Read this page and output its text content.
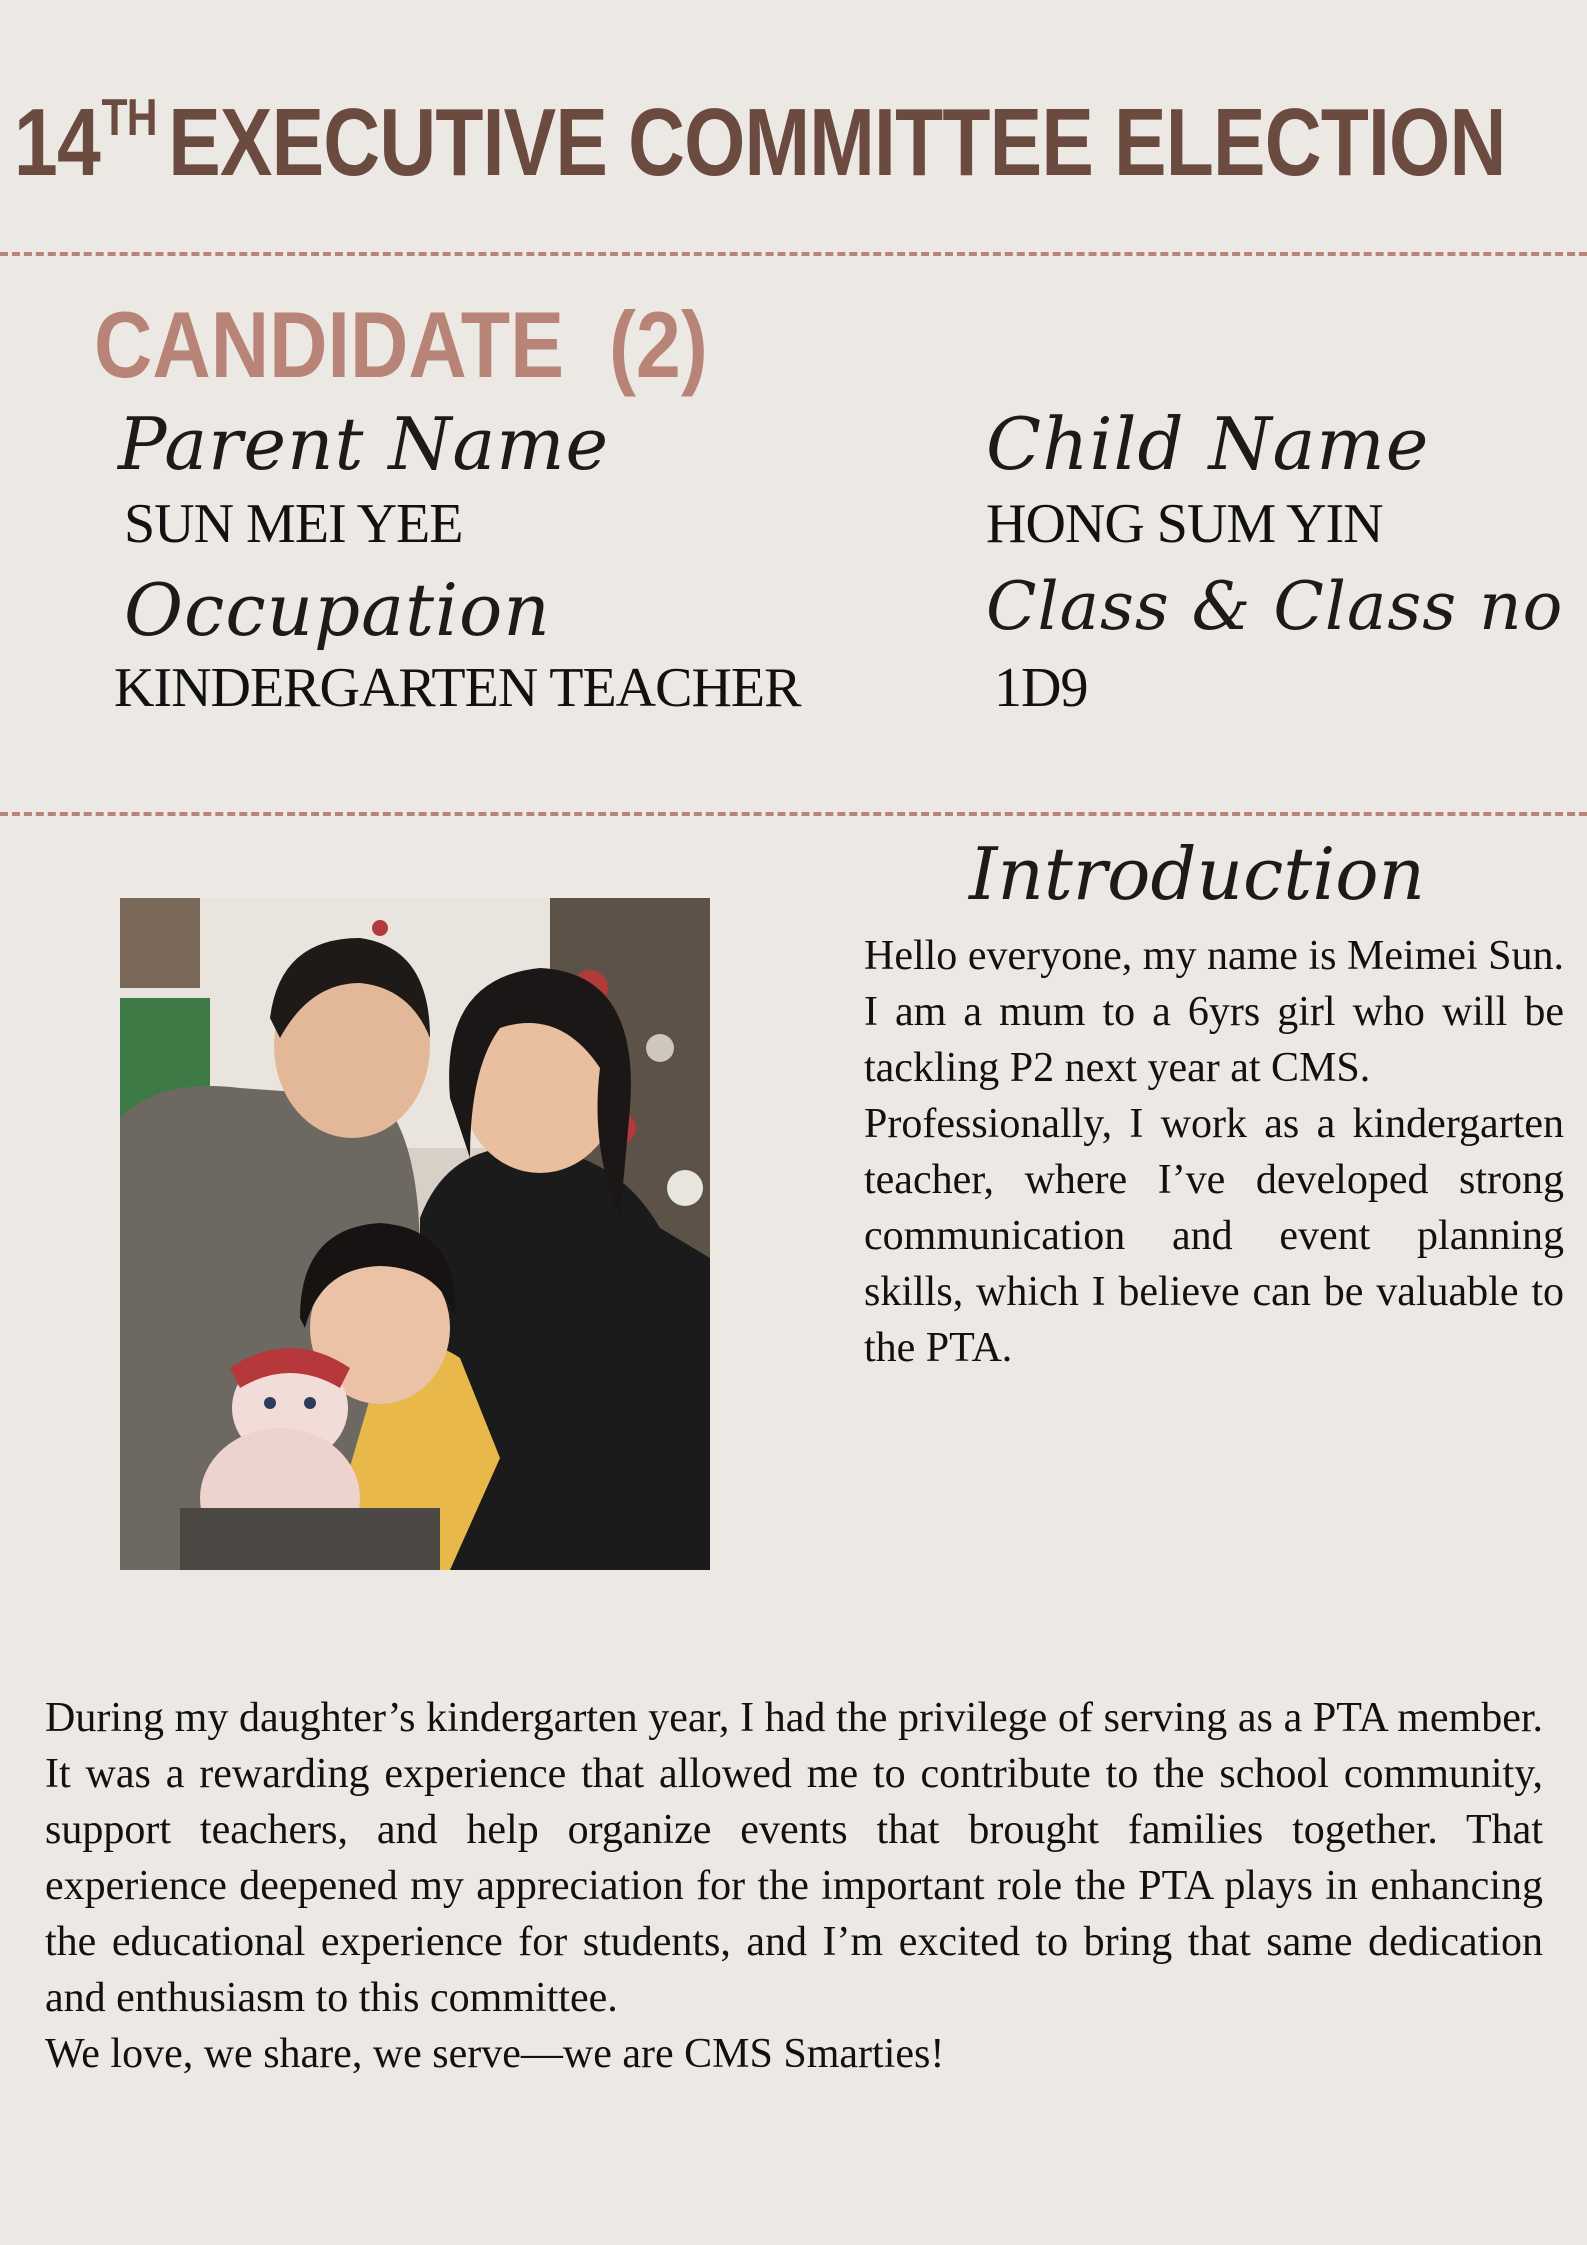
14TH EXECUTIVE COMMITTEE ELECTION
CANDIDATE (2)
Parent Name
SUN MEI YEE
Child Name
HONG SUM YIN
Occupation
KINDERGARTEN TEACHER
Class & Class no
1D9
Introduction

Hello everyone, my name is Meimei Sun. I am a mum to a 6yrs girl who will be tackling P2 next year at CMS.

Professionally, I work as a kindergarten teacher, where I’ve developed strong communication and event planning skills, which I believe can be valuable to the PTA.

During my daughter’s kindergarten year, I had the privilege of serving as a PTA member. It was a rewarding experience that allowed me to contribute to the school community, support teachers, and help organize events that brought families together. That experience deepened my appreciation for the important role the PTA plays in enhancing the educational experience for students, and I’m excited to bring that same dedication and enthusiasm to this committee.

We love, we share, we serve—we are CMS Smarties!
